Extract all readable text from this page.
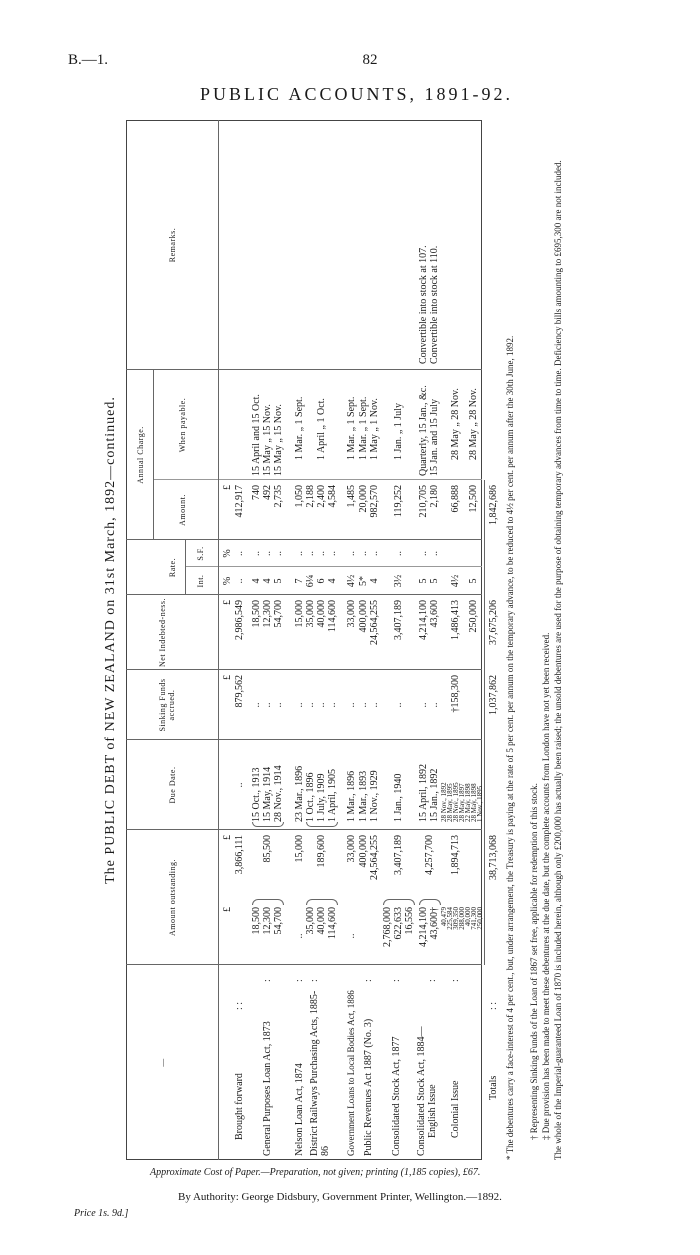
B.—1.	82
PUBLIC ACCOUNTS, 1891-92.
The PUBLIC DEBT of NEW ZEALAND on 31st March, 1892—continued.
—
Amount outstanding.
Due Date.
Sinking Funds accrued.
Net Indebted-ness.
Rate.
Int.
S.F.
Annual Charge.
Amount.
When payable.
Remarks.
£
£
£
£
%
%
£
Brought forward
: :
3,866,111
..
879,562
2,986,549
..
..
412,917
General Purposes Loan Act, 1873
:
18,500 12,300 54,700
85,500
15 Oct., 1913 15 May, 1914 28 Nov., 1914
.. .. ..
18,500 12,300 54,700
4 4 5
.. .. ..
740 492 2,735
15 April and 15 Oct. 15 May „ 15 Nov. 15 May „ 15 Nov.
Nelson Loan Act, 1874
:
..
15,000
23 Mar., 1896
..
15,000
7
..
1,050
1 Mar. „ 1 Sept.
District Railways Purchasing Acts, 1885-86
:
35,000 40,000 114,600
189,600
1 Oct., 1896 1 July, 1909 1 April, 1905
.. .. ..
35,000 40,000 114,600
6¼ 6 4
.. .. ..
2,188 2,400 4,584
1 April „ 1 Oct.
Government Loans to Local Bodies Act, 1886
..
33,000
1 Mar., 1896
..
33,000
4½
..
1,485
1 Mar. „ 1 Sept.
Public Revenues Act 1887 (No. 3)
:
400,000 24,564,255
1 Mar., 1893 1 Nov., 1929
.. ..
400,000 24,564,255
5* 4
.. ..
20,000 982,570
1 Mar. „ 1 Sept. 1 May „ 1 Nov.
Consolidated Stock Act, 1877
:
2,768,000 622,633 16,556
3,407,189
1 Jan., 1940
..
3,407,189
3½
..
119,252
1 Jan. „ 1 July
Consolidated Stock Act, 1884— English Issue
:
4,214,100 43,600†
4,257,700
15 April, 1892 15 Jan., 1892
.. ..
4,214,100 43,600
5 5
.. ..
210,705 2,180
Quarterly, 15 Jan., &c. 15 Jan. and 15 July
Convertible into stock at 107. Convertible into stock at 110.
Colonial Issue
:
40,479
225,584
309,350
288,000
40,000
741,300
250,000
1,894,713
28 Nov., 1892
28 May, 1895
28 Nov., 1895
28 May, 1897
22 May, 1898
28 May, 1898
1 Nov., 1895
†158,300
1,486,413
4½
66,888
28 May „ 28 Nov.
250,000
5
12,500
28 May „ 28 Nov.
Totals
: :
38,713,068
1,037,862
37,675,206
1,842,686 * The debentures carry a face-interest of 4 per cent., but, under arrangement, the Treasury is paying at the rate of 5 per cent. per annum on the temporary advance, to be reduced to 4½ per cent. per annum after the 30th June, 1892. † Representing Sinking Funds of the Loan of 1867 set free, applicable for redemption of this stock. ‡ Due provision has been made to meet these debentures at the due date, but the complete accounts from London have not yet been received. The whole of the Imperial-guaranteed Loan of 1870 is included herein, although only £200,000 has actually been raised; the unsold debentures are used for the purpose of obtaining temporary advances from time to time. Deficiency bills amounting to £695,300 are not included.
Approximate Cost of Paper.—Preparation, not given; printing (1,185 copies), £67.
By Authority: George Didsbury, Government Printer, Wellington.—1892.
Price 1s. 9d.]
